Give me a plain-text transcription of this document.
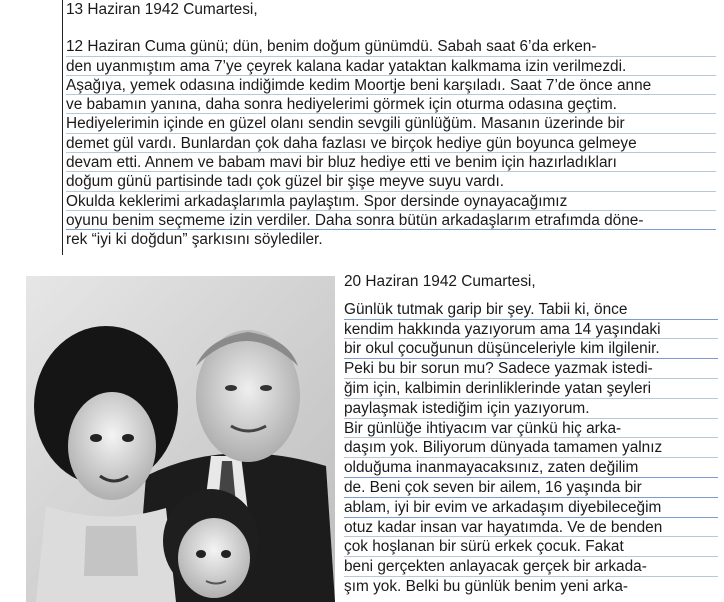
13 Haziran 1942 Cumartesi,
12 Haziran Cuma günü; dün, benim doğum günümdü. Sabah saat 6’da erken-
den uyanmıştım ama 7’ye çeyrek kalana kadar yataktan kalkmama izin verilmezdi.
Aşağıya, yemek odasına indiğimde kedim Moortje beni karşıladı. Saat 7’de önce anne
ve babamın yanına, daha sonra hediyelerimi görmek için oturma odasına geçtim.
Hediyelerimin içinde en güzel olanı sendin sevgili günlüğüm. Masanın üzerinde bir
demet gül vardı. Bunlardan çok daha fazlası ve birçok hediye gün boyunca gelmeye
devam etti. Annem ve babam mavi bir bluz hediye etti ve benim için hazırladıkları
doğum günü partisinde tadı çok güzel bir şişe meyve suyu vardı.
Okulda keklerimi arkadaşlarımla paylaştım. Spor dersinde oynayacağımız
oyunu benim seçmeme izin verdiler. Daha sonra bütün arkadaşlarım etrafımda döne-
rek “iyi ki doğdun” şarkısını söylediler.
20 Haziran 1942 Cumartesi,
Günlük tutmak garip bir şey. Tabii ki, önce
kendim hakkında yazıyorum ama 14 yaşındaki
bir okul çocuğunun düşünceleriyle kim ilgilenir.
Peki bu bir sorun mu? Sadece yazmak istedi-
ğim için, kalbimin derinliklerinde yatan şeyleri
paylaşmak istediğim için yazıyorum.
Bir günlüğe ihtiyacım var çünkü hiç arka-
daşım yok. Biliyorum dünyada tamamen yalnız
olduğuma inanmayacaksınız, zaten değilim
de. Beni çok seven bir ailem, 16 yaşında bir
ablam, iyi bir evim ve arkadaşım diyebileceğim
otuz kadar insan var hayatımda. Ve de benden
çok hoşlanan bir sürü erkek çocuk. Fakat
beni gerçekten anlayacak gerçek bir arkada-
şım yok. Belki bu günlük benim yeni arka-
